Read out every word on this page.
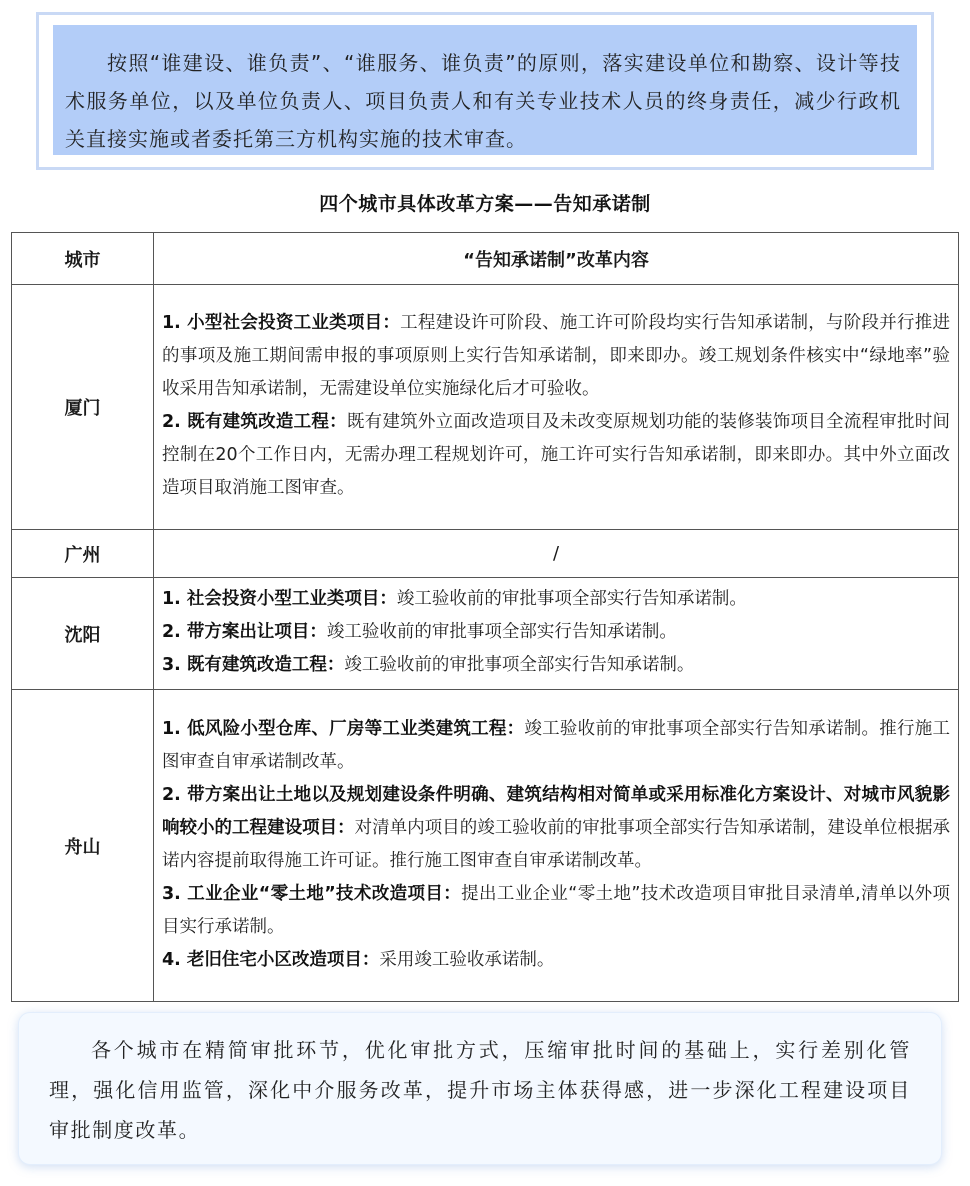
按照“谁建设、谁负责”、“谁服务、谁负责”的原则，落实建设单位和勘察、设计等技术服务单位，以及单位负责人、项目负责人和有关专业技术人员的终身责任，减少行政机关直接实施或者委托第三方机构实施的技术审查。
四个城市具体改革方案——告知承诺制
城市	“告知承诺制”改革内容
厦门	1. 小型社会投资工业类项目：工程建设许可阶段、施工许可阶段均实行告知承诺制，与阶段并行推进的事项及施工期间需申报的事项原则上实行告知承诺制，即来即办。竣工规划条件核实中“绿地率”验收采用告知承诺制，无需建设单位实施绿化后才可验收。

2. 既有建筑改造工程：既有建筑外立面改造项目及未改变原规划功能的装修装饰项目全流程审批时间控制在20个工作日内，无需办理工程规划许可，施工许可实行告知承诺制，即来即办。其中外立面改造项目取消施工图审查。

广州	/
沈阳	1. 社会投资小型工业类项目：竣工验收前的审批事项全部实行告知承诺制。

2. 带方案出让项目：竣工验收前的审批事项全部实行告知承诺制。

3. 既有建筑改造工程：竣工验收前的审批事项全部实行告知承诺制。

舟山	1. 低风险小型仓库、厂房等工业类建筑工程：竣工验收前的审批事项全部实行告知承诺制。推行施工图审查自审承诺制改革。

2. 带方案出让土地以及规划建设条件明确、建筑结构相对简单或采用标准化方案设计、对城市风貌影响较小的工程建设项目：对清单内项目的竣工验收前的审批事项全部实行告知承诺制，建设单位根据承诺内容提前取得施工许可证。推行施工图审查自审承诺制改革。

3. 工业企业“零土地”技术改造项目：提出工业企业“零土地”技术改造项目审批目录清单,清单以外项目实行承诺制。

4. 老旧住宅小区改造项目：采用竣工验收承诺制。

各个城市在精简审批环节，优化审批方式，压缩审批时间的基础上，实行差别化管理，强化信用监管，深化中介服务改革，提升市场主体获得感，进一步深化工程建设项目审批制度改革。
